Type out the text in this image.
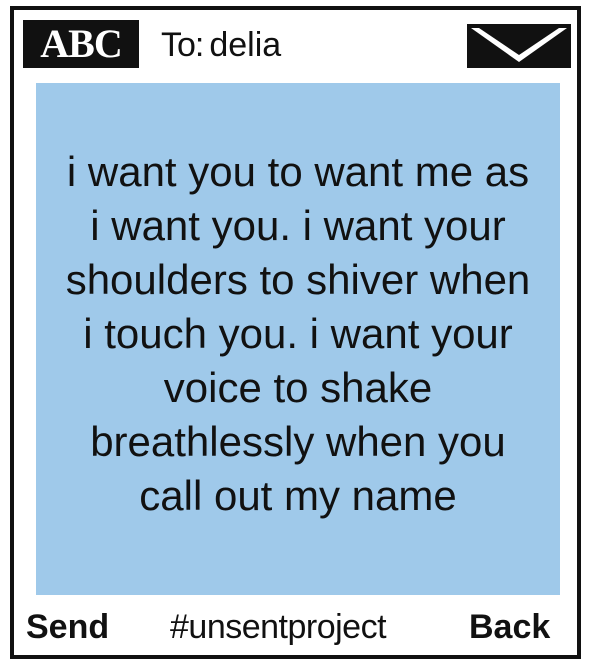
ABC	To: delia
i want you to want me as i want you. i want your shoulders to shiver when i touch you. i want your voice to shake breathlessly when you call out my name
Send #unsentproject Back
